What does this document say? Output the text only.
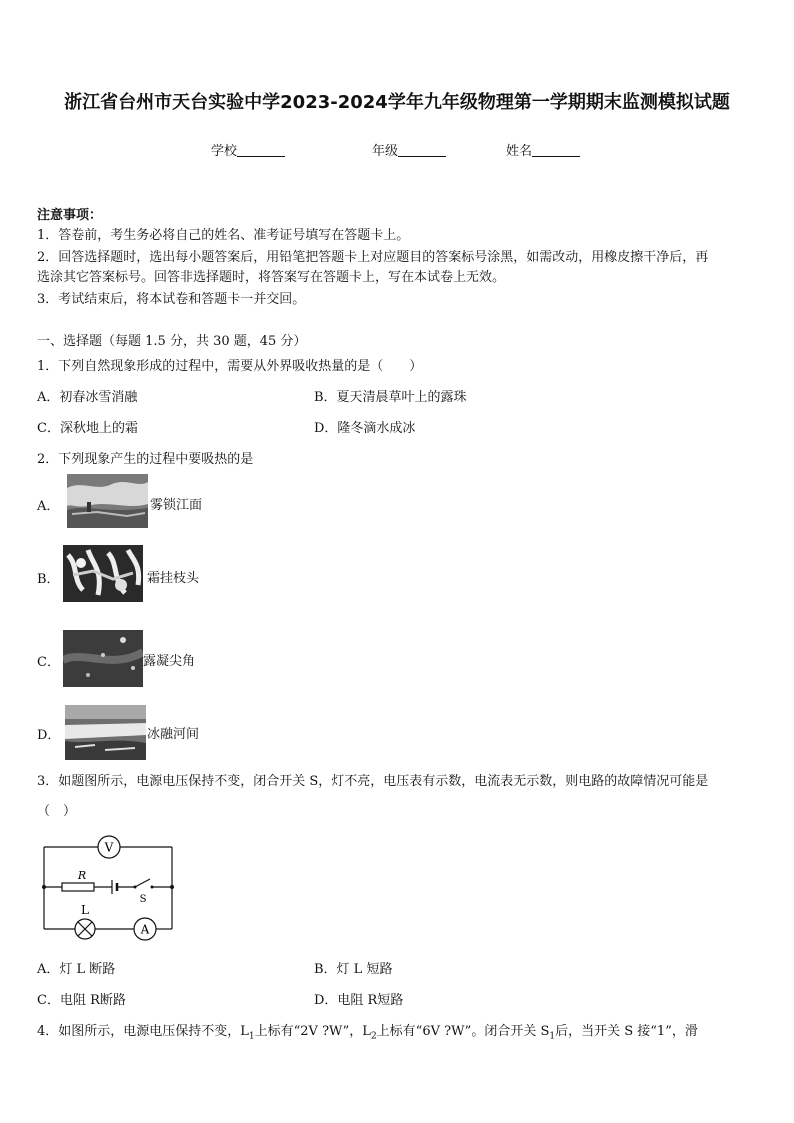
浙江省台州市天台实验中学2023-2024学年九年级物理第一学期期末监测模拟试题
学校	年级	姓名
注意事项：
1．答卷前，考生务必将自己的姓名、准考证号填写在答题卡上。
2．回答选择题时，选出每小题答案后，用铅笔把答题卡上对应题目的答案标号涂黑，如需改动，用橡皮擦干净后，再
选涂其它答案标号。回答非选择题时，将答案写在答题卡上，写在本试卷上无效。
3．考试结束后，将本试卷和答题卡一并交回。
一、选择题（每题 1.5 分，共 30 题，45 分）
1．下列自然现象形成的过程中，需要从外界吸收热量的是（　　）
A．初春冰雪消融	B．夏天清晨草叶上的露珠
C．深秋地上的霜	D．隆冬滴水成冰
2．下列现象产生的过程中要吸热的是
A．	雾锁江面
B．	霜挂枝头
C．	露凝尖角
D．	冰融河间
3．如题图所示，电源电压保持不变，闭合开关 S，灯不亮，电压表有示数，电流表无示数，则电路的故障情况可能是
（　）
V
R
S
L
A
A．灯 L 断路	B．灯 L 短路
C．电阻 R断路	D．电阻 R短路
4．如图所示，电源电压保持不变，$L_1$上标有“2V ?W”，$L_2$上标有“6V ?W”。闭合开关 $S_1$后，当开关 S 接“1”，滑
